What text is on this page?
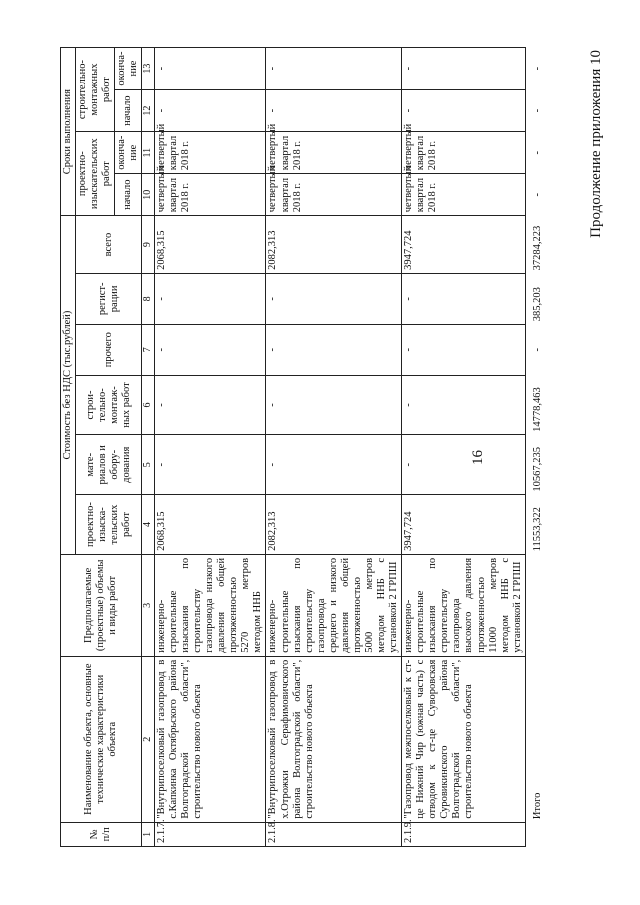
16
Продолжение приложения 10
№ п/п	Наименование объекта, основные технические характеристики объекта	Предполагаемые (проектные) объемы и виды работ	Стоимость без НДС (тыс.рублей)						Сроки выполнения			
			проектно-изыска-тельских работ	мате-риалов и обору-дования	строи-тельно-монтаж-ных работ	прочего	регист-рации	всего	проектно-изыскательских работ		строительно-монтажных работ	
									начало	оконча-ние	начало	оконча-ние
1	2	3	4	5	6	7	8	9	10	11	12	13
2.1.7.	"Внутрипоселковый газопровод в с.Капкинка Октябрьского района Волгоградской области", строительство нового объекта	инженерно-строительные изыскания по строительству газопровода низкого давления общей протяженностью 5270 метров методом ННБ	2068,315	-	-	-	-	2068,315	четвертый квартал 2018 г.	четвертый квартал 2018 г.	-	-
2.1.8.	"Внутрипоселковый газопровод в х.Отрожки Серафимовичского района Волгоградской области", строительство нового объекта	инженерно-строительные изыскания по строительству газопровода среднего и низкого давления общей протяженностью 5000 метров методом ННБ с установкой 2 ГРПШ	2082,313	-	-	-	-	2082,313	четвертый квартал 2018 г.	четвертый квартал 2018 г.	-	-
2.1.9.	"Газопровод межпоселковый к ст-це Нижний Чир (южная часть) с отводом к ст-це Суворовская Суровикинского района Волгоградской области", строительство нового объекта	инженерно-строительные изыскания по строительству газопровода высокого давления протяженностью 11000 метров методом ННБ с установкой 2 ГРПШ	3947,724	-	-	-	-	3947,724	четвертый квартал 2018 г.	четвертый квартал 2018 г.	-	-
	Итого		11553,322	10567,235	14778,463	-	385,203	37284,223	-	-	-	-
